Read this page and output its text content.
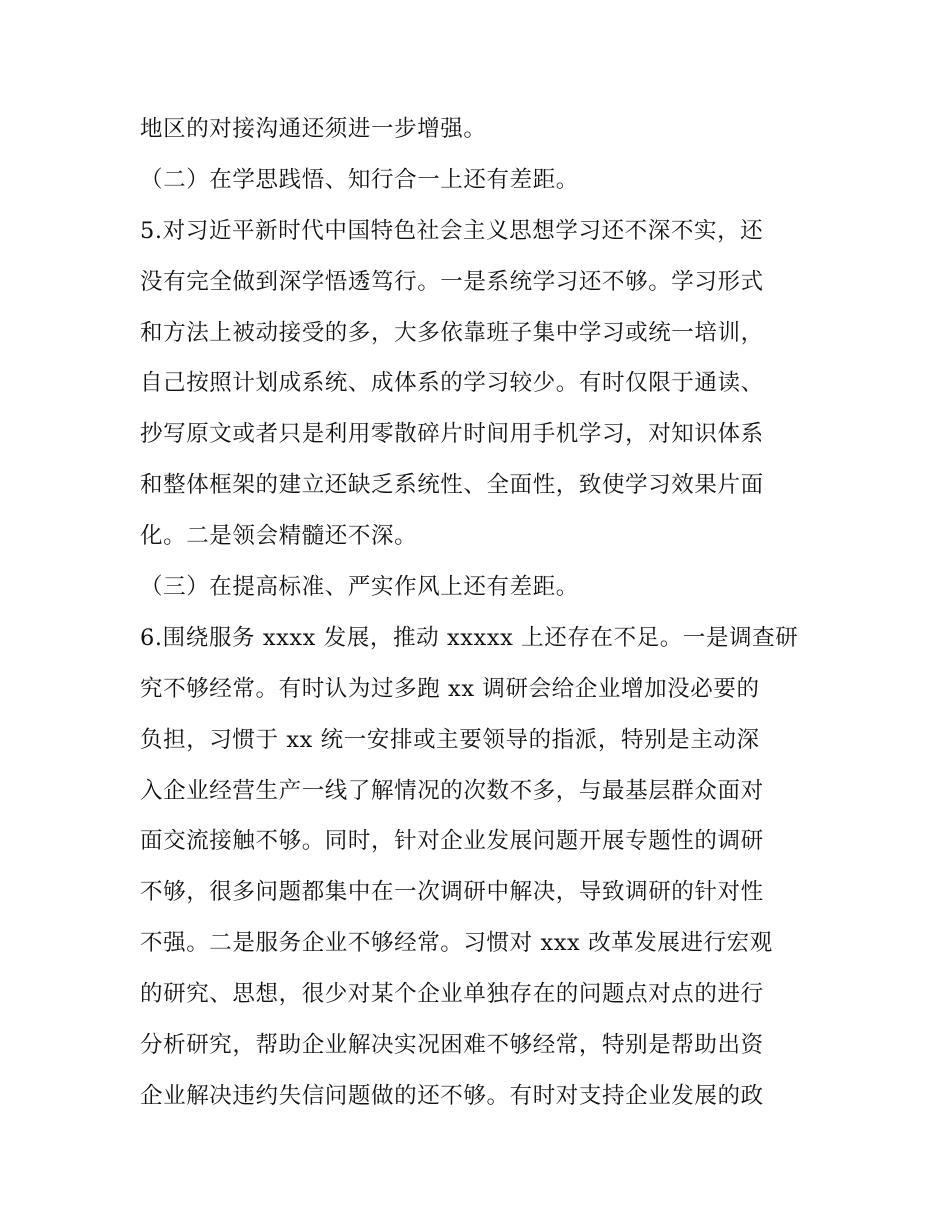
地区的对接沟通还须进一步增强。
（二）在学思践悟、知行合一上还有差距。
5.对习近平新时代中国特色社会主义思想学习还不深不实，还
没有完全做到深学悟透笃行。一是系统学习还不够。学习形式
和方法上被动接受的多，大多依靠班子集中学习或统一培训，
自己按照计划成系统、成体系的学习较少。有时仅限于通读、
抄写原文或者只是利用零散碎片时间用手机学习，对知识体系
和整体框架的建立还缺乏系统性、全面性，致使学习效果片面
化。二是领会精髓还不深。
（三）在提高标准、严实作风上还有差距。
6.围绕服务 xxxx 发展，推动 xxxxx 上还存在不足。一是调查研
究不够经常。有时认为过多跑 xx 调研会给企业增加没必要的
负担，习惯于 xx 统一安排或主要领导的指派，特别是主动深
入企业经营生产一线了解情况的次数不多，与最基层群众面对
面交流接触不够。同时，针对企业发展问题开展专题性的调研
不够，很多问题都集中在一次调研中解决，导致调研的针对性
不强。二是服务企业不够经常。习惯对 xxx 改革发展进行宏观
的研究、思想，很少对某个企业单独存在的问题点对点的进行
分析研究，帮助企业解决实况困难不够经常，特别是帮助出资
企业解决违约失信问题做的还不够。有时对支持企业发展的政
